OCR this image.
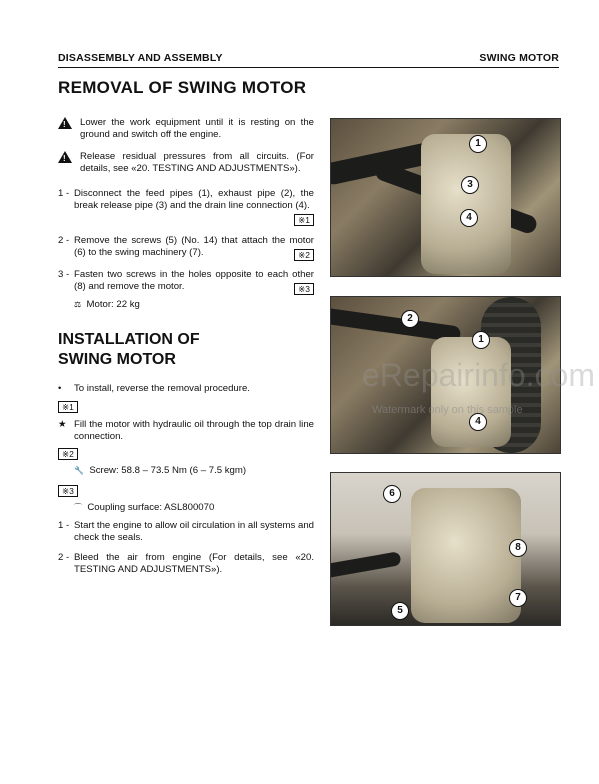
DISASSEMBLY AND ASSEMBLY	SWING MOTOR
REMOVAL OF SWING MOTOR
! Lower the work equipment until it is resting on the ground and switch off the engine.
! Release residual pressures from all circuits. (For details, see «20. TESTING AND ADJUSTMENTS»).
1 - Disconnect the feed pipes (1), exhaust pipe (2), the break release pipe (3) and the drain line connection (4).
※1
2 - Remove the screws (5) (No. 14) that attach the motor (6) to the swing machinery (7).	※2
3 - Fasten two screws in the holes opposite to each other (8) and remove the motor.	※3
⚖ Motor: 22 kg
INSTALLATION OF
SWING MOTOR
•	To install, reverse the removal procedure.
※1
★ Fill the motor with hydraulic oil through the top drain line connection.
※2
🔧 Screw: 58.8 – 73.5 Nm (6 – 7.5 kgm)
※3
⌒ Coupling surface: ASL800070
1 - Start the engine to allow oil circulation in all systems and check the seals.
2 - Bleed the air from engine (For details, see «20. TESTING AND ADJUSTMENTS»).
1
3
4
2
1
4
6
8
5
7
eRepairinfo.com
Watermark only on this sample
